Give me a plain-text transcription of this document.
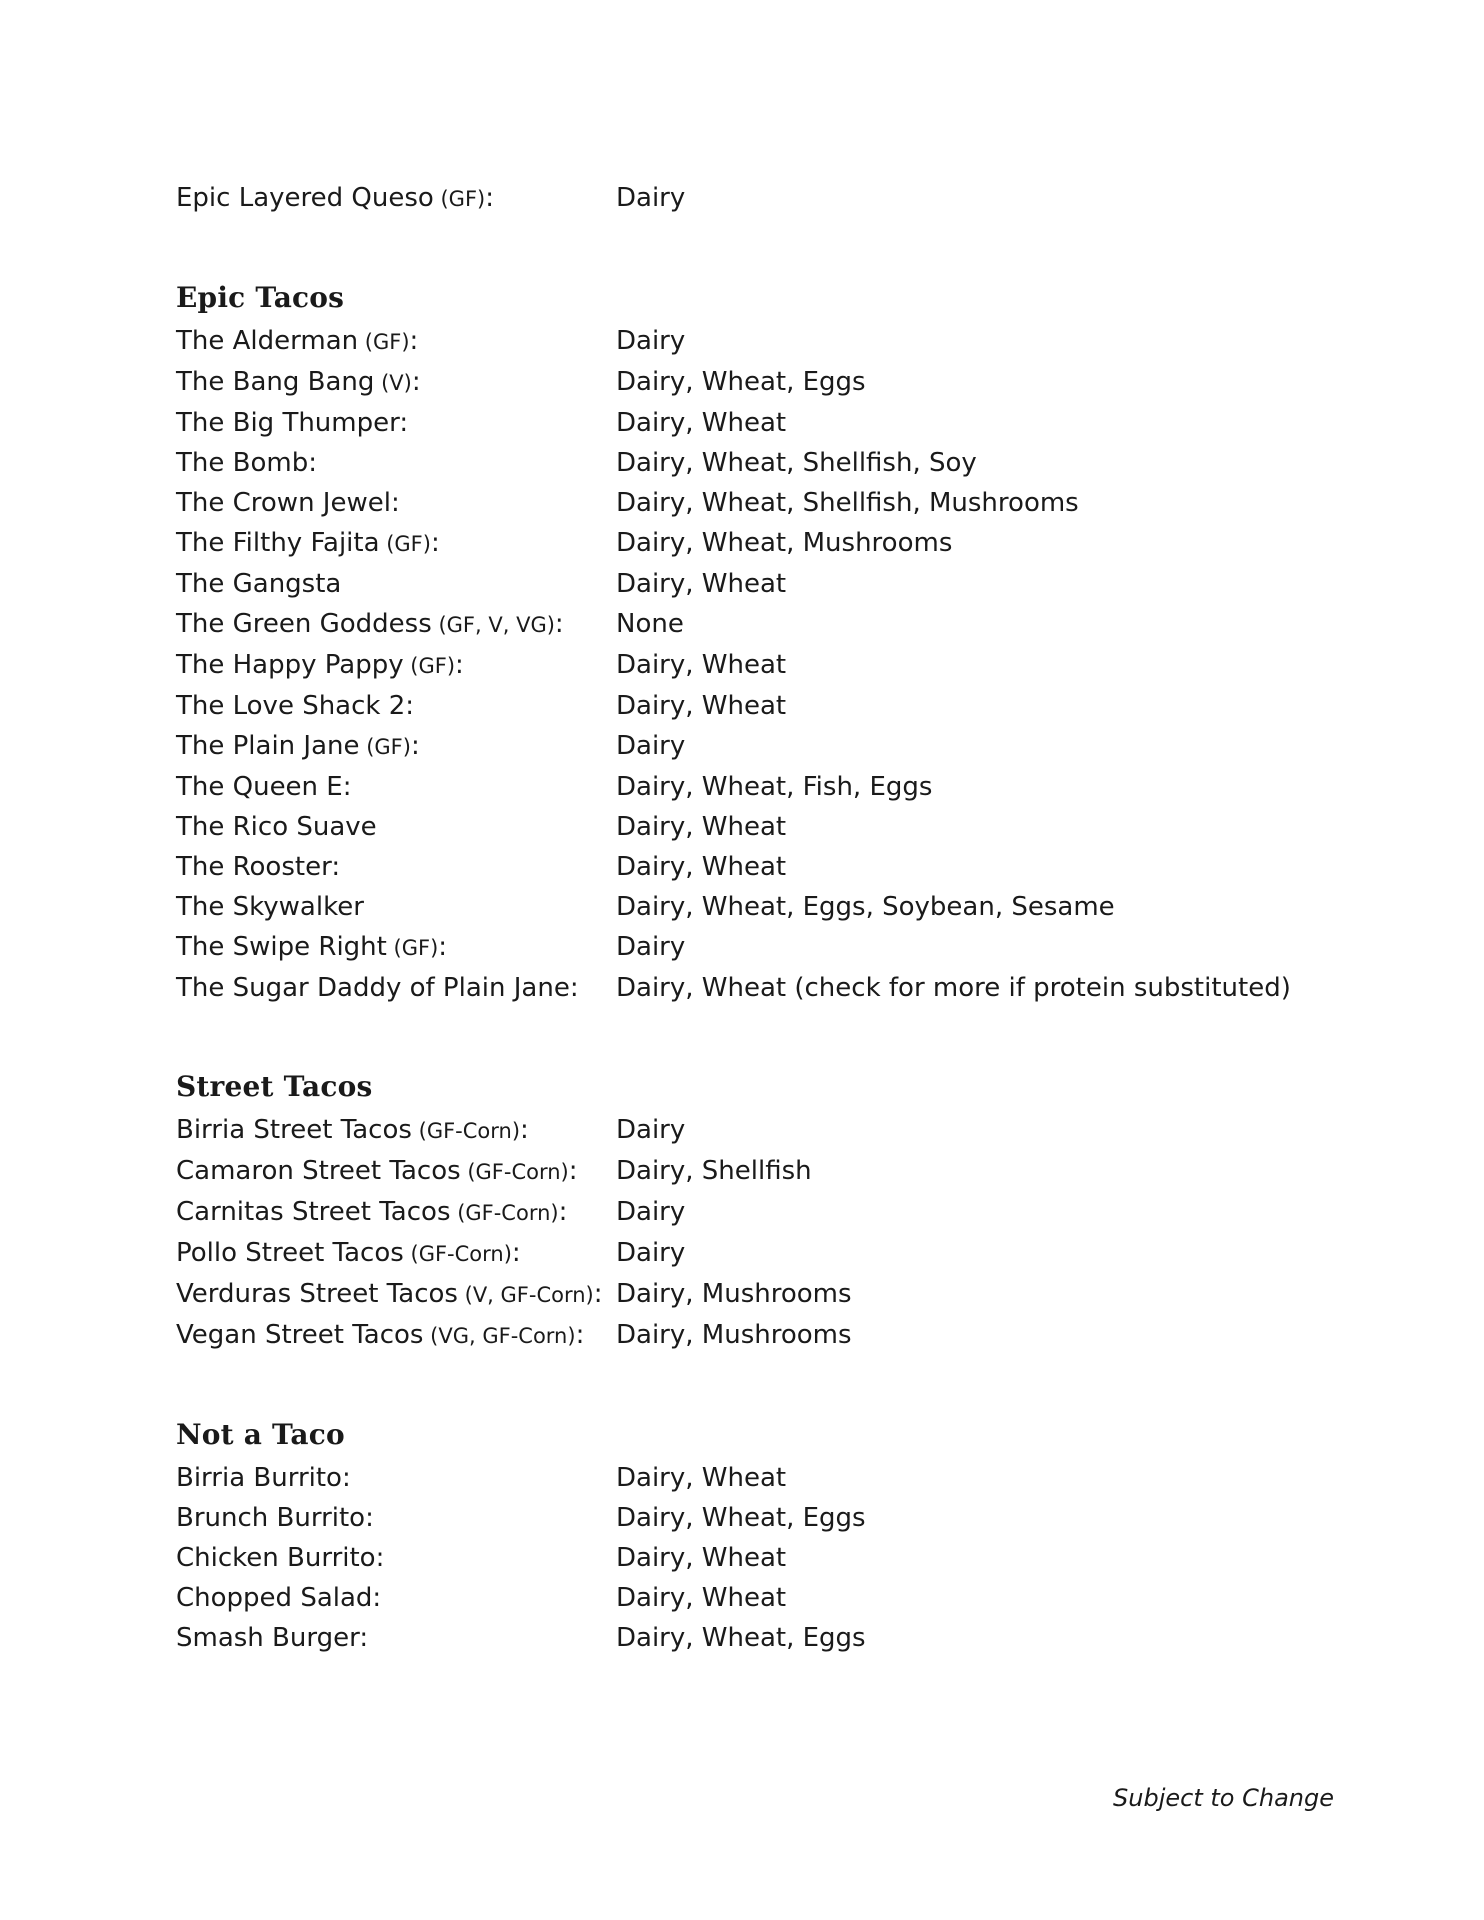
Epic Layered Queso (GF):	Dairy
Epic Tacos
The Alderman (GF):	Dairy
The Bang Bang (V):	Dairy, Wheat, Eggs
The Big Thumper:	Dairy, Wheat
The Bomb:	Dairy, Wheat, Shellfish, Soy
The Crown Jewel:	Dairy, Wheat, Shellfish, Mushrooms
The Filthy Fajita (GF):	Dairy, Wheat, Mushrooms
The Gangsta	Dairy, Wheat
The Green Goddess (GF, V, VG):	None
The Happy Pappy (GF):	Dairy, Wheat
The Love Shack 2:	Dairy, Wheat
The Plain Jane (GF):	Dairy
The Queen E:	Dairy, Wheat, Fish, Eggs
The Rico Suave	Dairy, Wheat
The Rooster:	Dairy, Wheat
The Skywalker	Dairy, Wheat, Eggs, Soybean, Sesame
The Swipe Right (GF):	Dairy
The Sugar Daddy of Plain Jane:	Dairy, Wheat (check for more if protein substituted)
Street Tacos
Birria Street Tacos (GF-Corn):	Dairy
Camaron Street Tacos (GF-Corn):	Dairy, Shellfish
Carnitas Street Tacos (GF-Corn):	Dairy
Pollo Street Tacos (GF-Corn):	Dairy
Verduras Street Tacos (V, GF-Corn): Dairy, Mushrooms
Vegan Street Tacos (VG, GF-Corn):	Dairy, Mushrooms
Not a Taco
Birria Burrito:	Dairy, Wheat
Brunch Burrito:	Dairy, Wheat, Eggs
Chicken Burrito:	Dairy, Wheat
Chopped Salad:	Dairy, Wheat
Smash Burger:	Dairy, Wheat, Eggs
Subject to Change
